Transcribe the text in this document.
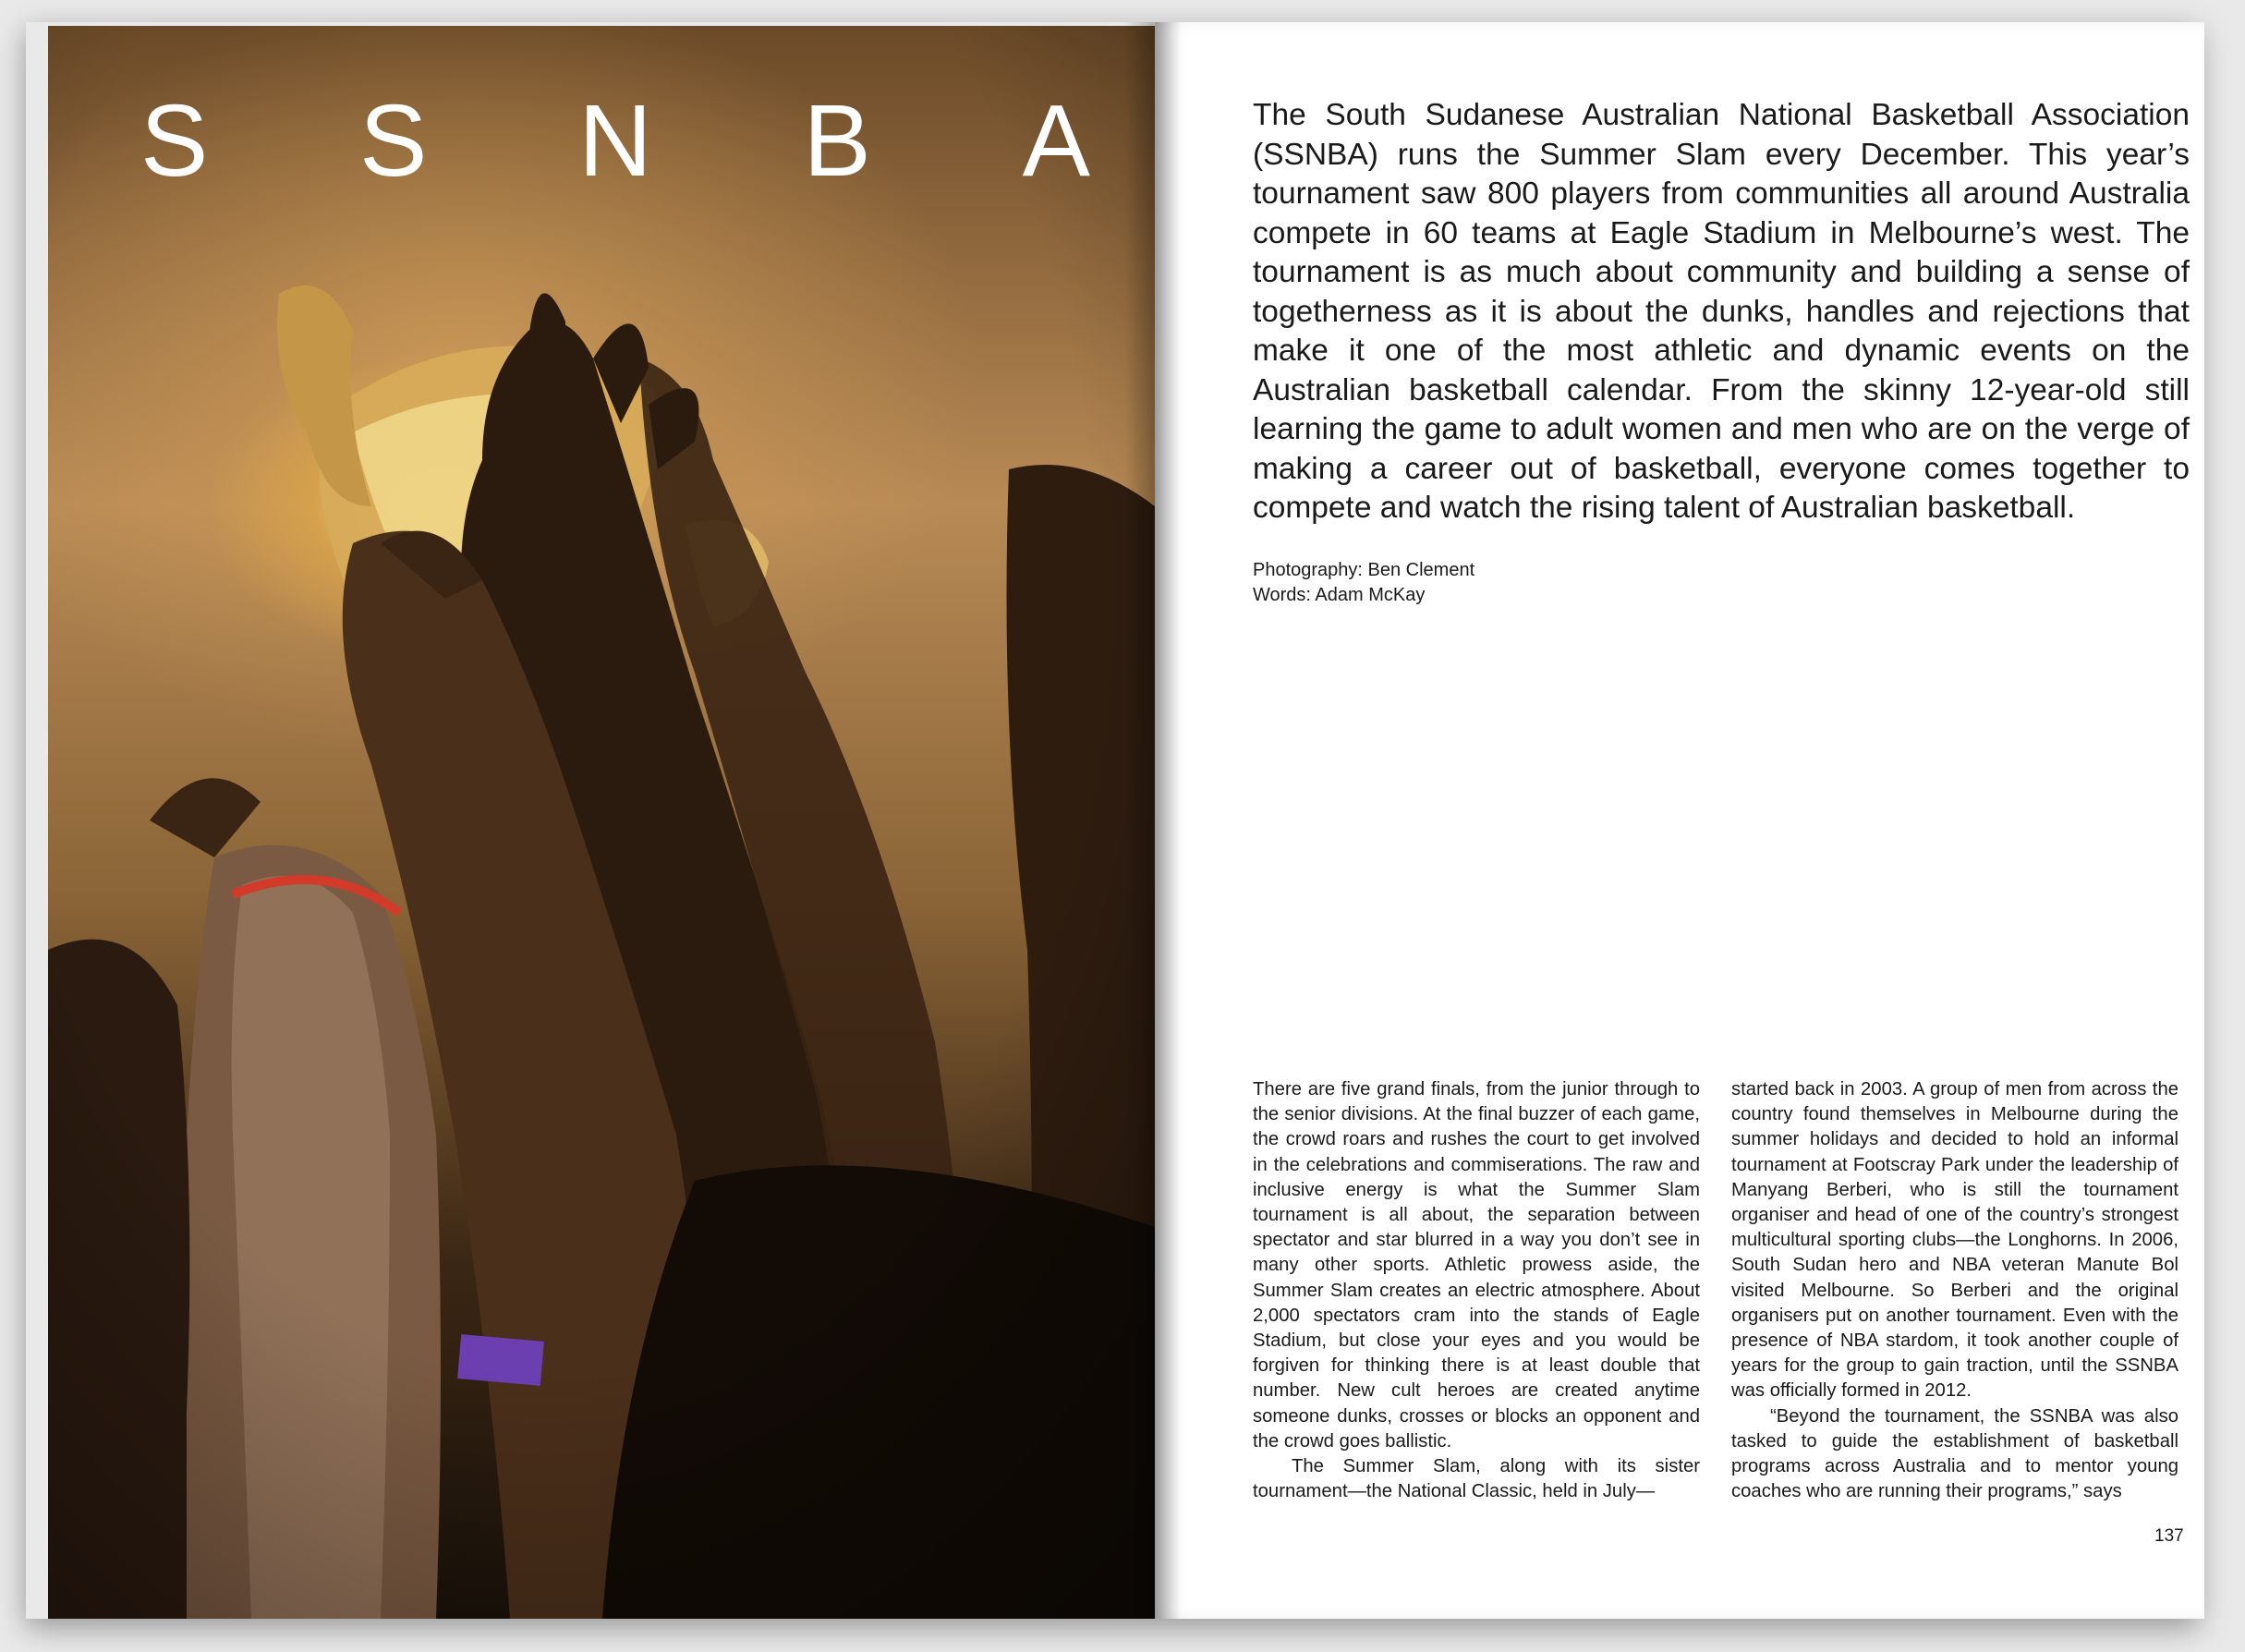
S S N B A	The South Sudanese Australian National Basketball Association (SSNBA) runs the Summer Slam every December. This year’s tournament saw 800 players from communities all around Australia compete in 60 teams at Eagle Stadium in Melbourne’s west. The tournament is as much about community and building a sense of togetherness as it is about the dunks, handles and rejections that make it one of the most athletic and dynamic events on the Australian basketball calendar. From the skinny 12-year-old still learning the game to adult women and men who are on the verge of making a career out of basketball, everyone comes together to compete and watch the rising talent of Australian basketball.

Photography: Ben Clement
Words: Adam McKay

There are five grand finals, from the junior through to the senior divisions. At the final buzzer of each game, the crowd roars and rushes the court to get involved in the celebrations and commiserations. The raw and inclusive energy is what the Summer Slam tournament is all about, the separation between spectator and star blurred in a way you don’t see in many other sports. Athletic prowess aside, the Summer Slam creates an electric atmosphere. About 2,000 spectators cram into the stands of Eagle Stadium, but close your eyes and you would be forgiven for thinking there is at least double that number. New cult heroes are created anytime someone dunks, crosses or blocks an opponent and the crowd goes ballistic.

The Summer Slam, along with its sister tournament—the National Classic, held in July—

started back in 2003. A group of men from across the country found themselves in Melbourne during the summer holidays and decided to hold an informal tournament at Footscray Park under the leadership of Manyang Berberi, who is still the tournament organiser and head of one of the country’s strongest multicultural sporting clubs—the Longhorns. In 2006, South Sudan hero and NBA veteran Manute Bol visited Melbourne. So Berberi and the original organisers put on another tournament. Even with the presence of NBA stardom, it took another couple of years for the group to gain traction, until the SSNBA was officially formed in 2012.

“Beyond the tournament, the SSNBA was also tasked to guide the establishment of basketball programs across Australia and to mentor young coaches who are running their programs,” says

137
